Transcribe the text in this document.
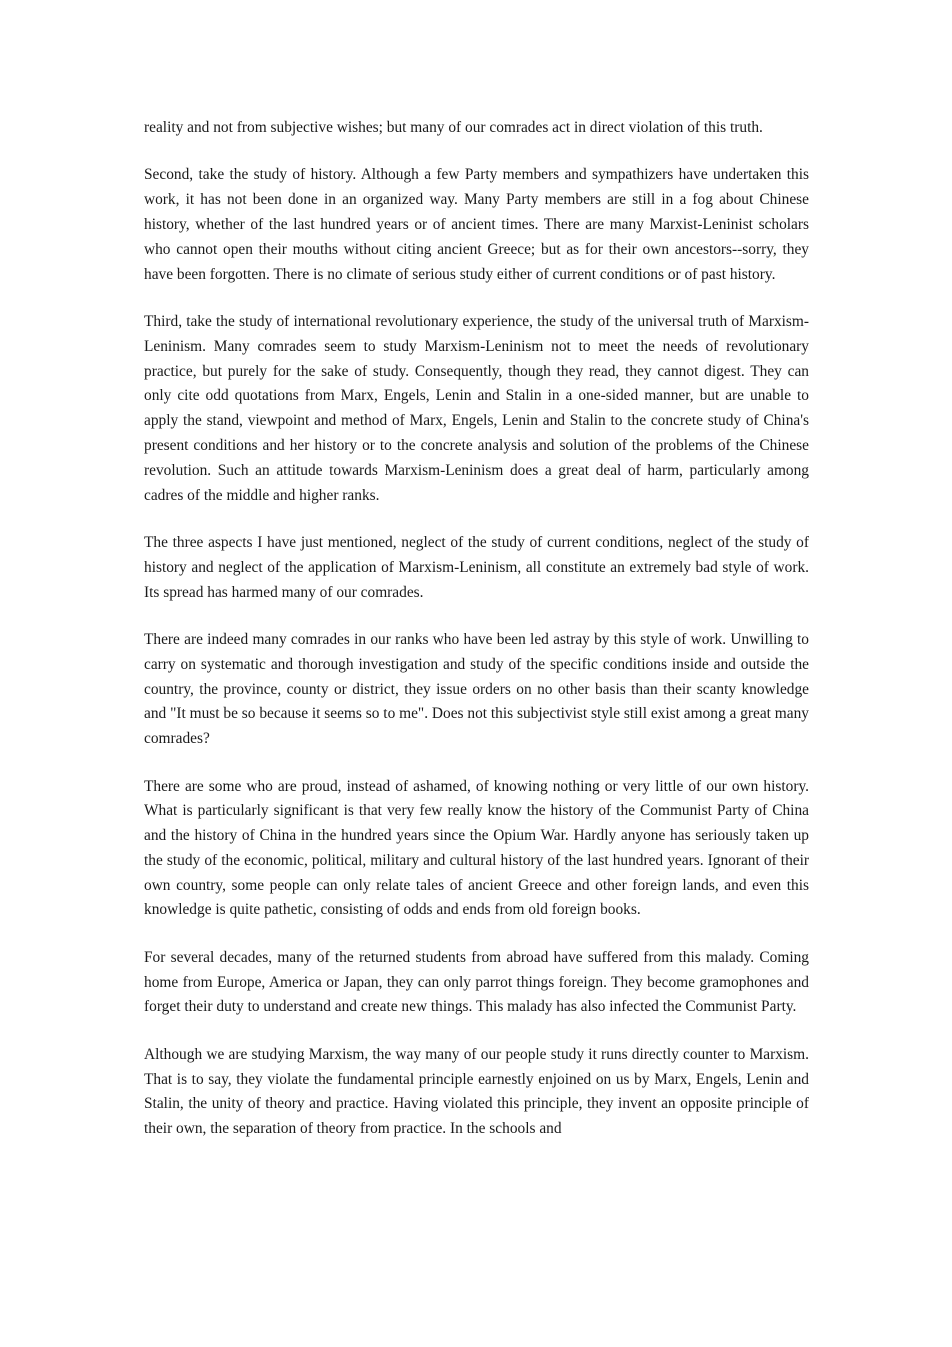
reality and not from subjective wishes; but many of our comrades act in direct violation of this truth.

Second, take the study of history. Although a few Party members and sympathizers have undertaken this work, it has not been done in an organized way. Many Party members are still in a fog about Chinese history, whether of the last hundred years or of ancient times. There are many Marxist-Leninist scholars who cannot open their mouths without citing ancient Greece; but as for their own ancestors--sorry, they have been forgotten. There is no climate of serious study either of current conditions or of past history.

Third, take the study of international revolutionary experience, the study of the universal truth of Marxism-Leninism. Many comrades seem to study Marxism-Leninism not to meet the needs of revolutionary practice, but purely for the sake of study. Consequently, though they read, they cannot digest. They can only cite odd quotations from Marx, Engels, Lenin and Stalin in a one-sided manner, but are unable to apply the stand, viewpoint and method of Marx, Engels, Lenin and Stalin to the concrete study of China's present conditions and her history or to the concrete analysis and solution of the problems of the Chinese revolution. Such an attitude towards Marxism-Leninism does a great deal of harm, particularly among cadres of the middle and higher ranks.

The three aspects I have just mentioned, neglect of the study of current conditions, neglect of the study of history and neglect of the application of Marxism-Leninism, all constitute an extremely bad style of work. Its spread has harmed many of our comrades.

There are indeed many comrades in our ranks who have been led astray by this style of work. Unwilling to carry on systematic and thorough investigation and study of the specific conditions inside and outside the country, the province, county or district, they issue orders on no other basis than their scanty knowledge and "It must be so because it seems so to me". Does not this subjectivist style still exist among a great many comrades?

There are some who are proud, instead of ashamed, of knowing nothing or very little of our own history. What is particularly significant is that very few really know the history of the Communist Party of China and the history of China in the hundred years since the Opium War. Hardly anyone has seriously taken up the study of the economic, political, military and cultural history of the last hundred years. Ignorant of their own country, some people can only relate tales of ancient Greece and other foreign lands, and even this knowledge is quite pathetic, consisting of odds and ends from old foreign books.

For several decades, many of the returned students from abroad have suffered from this malady. Coming home from Europe, America or Japan, they can only parrot things foreign. They become gramophones and forget their duty to understand and create new things. This malady has also infected the Communist Party.

Although we are studying Marxism, the way many of our people study it runs directly counter to Marxism. That is to say, they violate the fundamental principle earnestly enjoined on us by Marx, Engels, Lenin and Stalin, the unity of theory and practice. Having violated this principle, they invent an opposite principle of their own, the separation of theory from practice. In the schools and
